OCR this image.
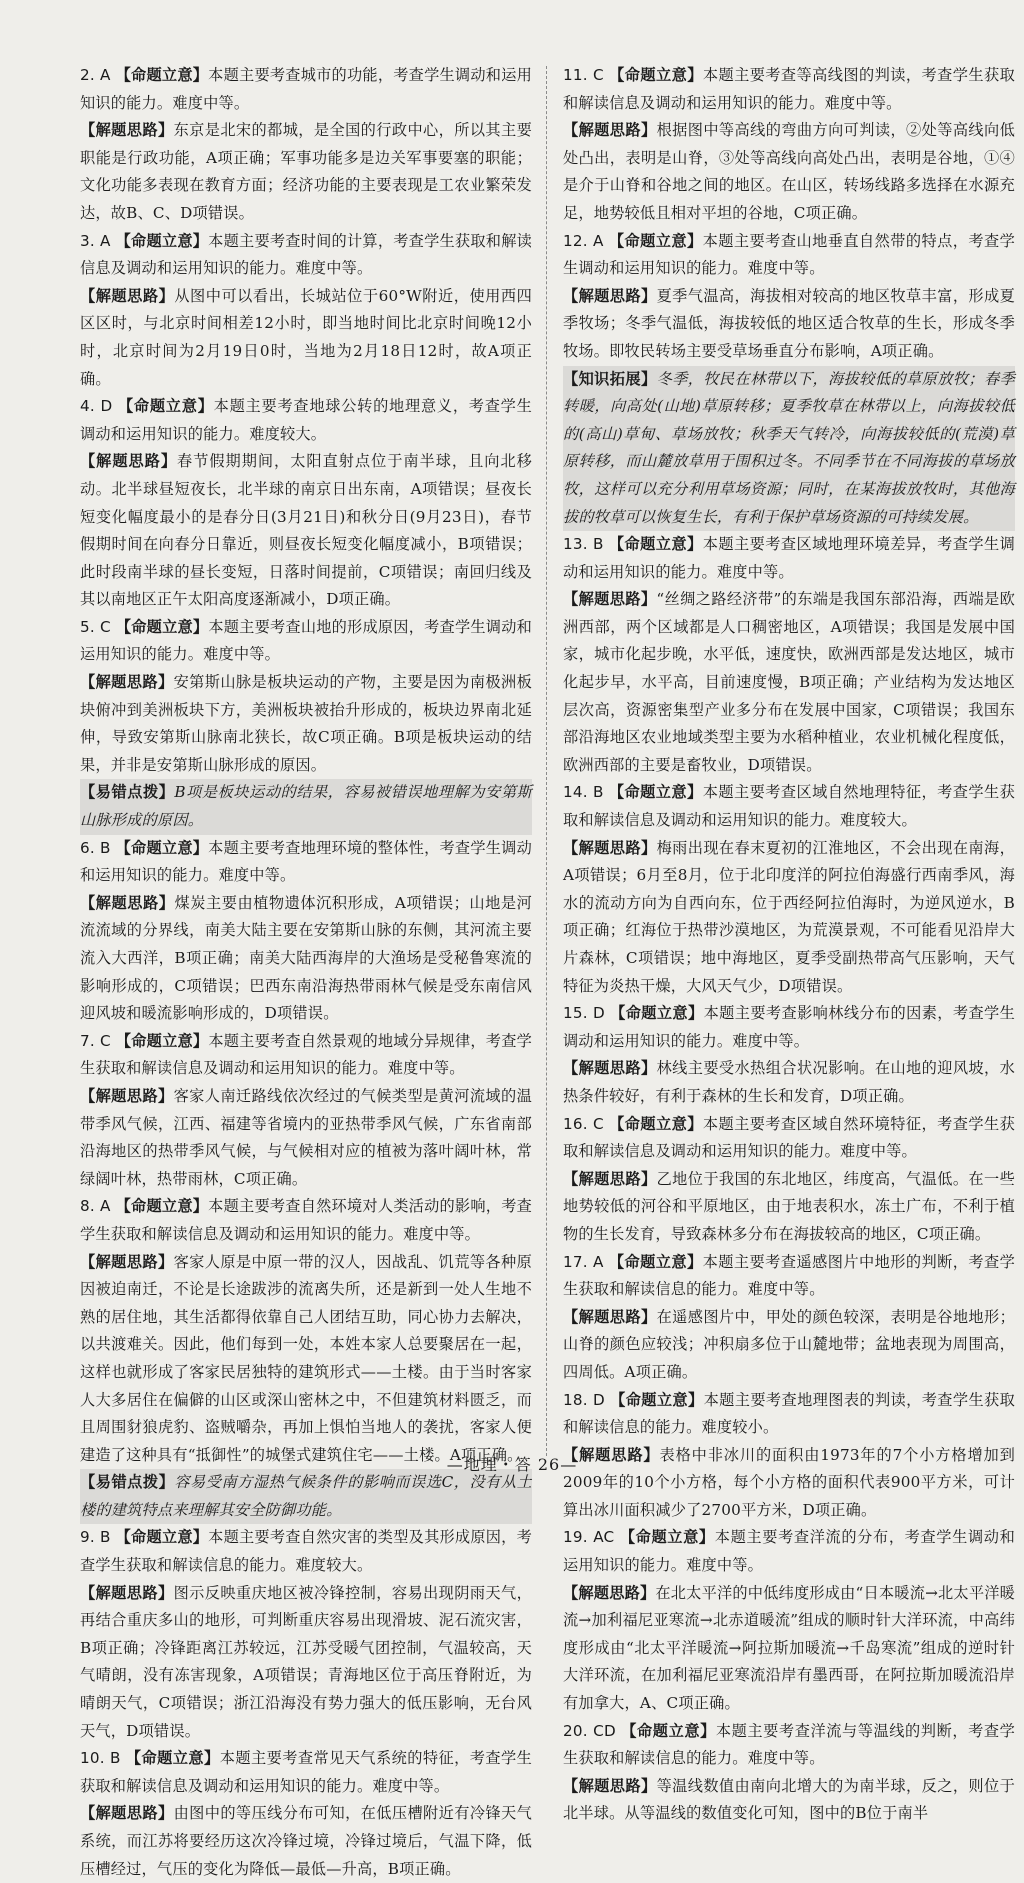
2. A 【命题立意】本题主要考查城市的功能，考查学生调动和运用知识的能力。难度中等。

【解题思路】东京是北宋的都城，是全国的行政中心，所以其主要职能是行政功能，A项正确；军事功能多是边关军事要塞的职能；文化功能多表现在教育方面；经济功能的主要表现是工农业繁荣发达，故B、C、D项错误。

3. A 【命题立意】本题主要考查时间的计算，考查学生获取和解读信息及调动和运用知识的能力。难度中等。

【解题思路】从图中可以看出，长城站位于60°W附近，使用西四区区时，与北京时间相差12小时，即当地时间比北京时间晚12小时，北京时间为2月19日0时，当地为2月18日12时，故A项正确。

4. D 【命题立意】本题主要考查地球公转的地理意义，考查学生调动和运用知识的能力。难度较大。

【解题思路】春节假期期间，太阳直射点位于南半球，且向北移动。北半球昼短夜长，北半球的南京日出东南，A项错误；昼夜长短变化幅度最小的是春分日(3月21日)和秋分日(9月23日)，春节假期时间在向春分日靠近，则昼夜长短变化幅度减小，B项错误；此时段南半球的昼长变短，日落时间提前，C项错误；南回归线及其以南地区正午太阳高度逐渐减小，D项正确。

5. C 【命题立意】本题主要考查山地的形成原因，考查学生调动和运用知识的能力。难度中等。

【解题思路】安第斯山脉是板块运动的产物，主要是因为南极洲板块俯冲到美洲板块下方，美洲板块被抬升形成的，板块边界南北延伸，导致安第斯山脉南北狭长，故C项正确。B项是板块运动的结果，并非是安第斯山脉形成的原因。

【易错点拨】B项是板块运动的结果，容易被错误地理解为安第斯山脉形成的原因。

6. B 【命题立意】本题主要考查地理环境的整体性，考查学生调动和运用知识的能力。难度中等。

【解题思路】煤炭主要由植物遗体沉积形成，A项错误；山地是河流流域的分界线，南美大陆主要在安第斯山脉的东侧，其河流主要流入大西洋，B项正确；南美大陆西海岸的大渔场是受秘鲁寒流的影响形成的，C项错误；巴西东南沿海热带雨林气候是受东南信风迎风坡和暖流影响形成的，D项错误。

7. C 【命题立意】本题主要考查自然景观的地域分异规律，考查学生获取和解读信息及调动和运用知识的能力。难度中等。

【解题思路】客家人南迁路线依次经过的气候类型是黄河流域的温带季风气候，江西、福建等省境内的亚热带季风气候，广东省南部沿海地区的热带季风气候，与气候相对应的植被为落叶阔叶林，常绿阔叶林，热带雨林，C项正确。

8. A 【命题立意】本题主要考查自然环境对人类活动的影响，考查学生获取和解读信息及调动和运用知识的能力。难度中等。

【解题思路】客家人原是中原一带的汉人，因战乱、饥荒等各种原因被迫南迁，不论是长途跋涉的流离失所，还是新到一处人生地不熟的居住地，其生活都得依靠自己人团结互助，同心协力去解决，以共渡难关。因此，他们每到一处，本姓本家人总要聚居在一起，这样也就形成了客家民居独特的建筑形式——土楼。由于当时客家人大多居住在偏僻的山区或深山密林之中，不但建筑材料匮乏，而且周围豺狼虎豹、盗贼嚼杂，再加上惧怕当地人的袭扰，客家人便建造了这种具有“抵御性”的城堡式建筑住宅——土楼。A项正确。

【易错点拨】容易受南方湿热气候条件的影响而误选C，没有从土楼的建筑特点来理解其安全防御功能。

9. B 【命题立意】本题主要考查自然灾害的类型及其形成原因，考查学生获取和解读信息的能力。难度较大。

【解题思路】图示反映重庆地区被冷锋控制，容易出现阴雨天气，再结合重庆多山的地形，可判断重庆容易出现滑坡、泥石流灾害，B项正确；冷锋距离江苏较远，江苏受暖气团控制，气温较高，天气晴朗，没有冻害现象，A项错误；青海地区位于高压脊附近，为晴朗天气，C项错误；浙江沿海没有势力强大的低压影响，无台风天气，D项错误。

10. B 【命题立意】本题主要考查常见天气系统的特征，考查学生获取和解读信息及调动和运用知识的能力。难度中等。

【解题思路】由图中的等压线分布可知，在低压槽附近有冷锋天气系统，而江苏将要经历这次冷锋过境，冷锋过境后，气温下降，低压槽经过，气压的变化为降低—最低—升高，B项正确。

11. C 【命题立意】本题主要考查等高线图的判读，考查学生获取和解读信息及调动和运用知识的能力。难度中等。

【解题思路】根据图中等高线的弯曲方向可判读，②处等高线向低处凸出，表明是山脊，③处等高线向高处凸出，表明是谷地，①④是介于山脊和谷地之间的地区。在山区，转场线路多选择在水源充足，地势较低且相对平坦的谷地，C项正确。

12. A 【命题立意】本题主要考查山地垂直自然带的特点，考查学生调动和运用知识的能力。难度中等。

【解题思路】夏季气温高，海拔相对较高的地区牧草丰富，形成夏季牧场；冬季气温低，海拔较低的地区适合牧草的生长，形成冬季牧场。即牧民转场主要受草场垂直分布影响，A项正确。

【知识拓展】冬季，牧民在林带以下，海拔较低的草原放牧；春季转暖，向高处(山地)草原转移；夏季牧草在林带以上，向海拔较低的(高山)草甸、草场放牧；秋季天气转冷，向海拔较低的(荒漠)草原转移，而山麓放草用于围积过冬。不同季节在不同海拔的草场放牧，这样可以充分利用草场资源；同时，在某海拔放牧时，其他海拔的牧草可以恢复生长，有利于保护草场资源的可持续发展。

13. B 【命题立意】本题主要考查区域地理环境差异，考查学生调动和运用知识的能力。难度中等。

【解题思路】“丝绸之路经济带”的东端是我国东部沿海，西端是欧洲西部，两个区域都是人口稠密地区，A项错误；我国是发展中国家，城市化起步晚，水平低，速度快，欧洲西部是发达地区，城市化起步早，水平高，目前速度慢，B项正确；产业结构为发达地区层次高，资源密集型产业多分布在发展中国家，C项错误；我国东部沿海地区农业地域类型主要为水稻种植业，农业机械化程度低，欧洲西部的主要是畜牧业，D项错误。

14. B 【命题立意】本题主要考查区域自然地理特征，考查学生获取和解读信息及调动和运用知识的能力。难度较大。

【解题思路】梅雨出现在春末夏初的江淮地区，不会出现在南海，A项错误；6月至8月，位于北印度洋的阿拉伯海盛行西南季风，海水的流动方向为自西向东，位于西经阿拉伯海时，为逆风逆水，B项正确；红海位于热带沙漠地区，为荒漠景观，不可能看见沿岸大片森林，C项错误；地中海地区，夏季受副热带高气压影响，天气特征为炎热干燥，大风天气少，D项错误。

15. D 【命题立意】本题主要考查影响林线分布的因素，考查学生调动和运用知识的能力。难度中等。

【解题思路】林线主要受水热组合状况影响。在山地的迎风坡，水热条件较好，有利于森林的生长和发育，D项正确。

16. C 【命题立意】本题主要考查区域自然环境特征，考查学生获取和解读信息及调动和运用知识的能力。难度中等。

【解题思路】乙地位于我国的东北地区，纬度高，气温低。在一些地势较低的河谷和平原地区，由于地表积水，冻土广布，不利于植物的生长发育，导致森林多分布在海拔较高的地区，C项正确。

17. A 【命题立意】本题主要考查遥感图片中地形的判断，考查学生获取和解读信息的能力。难度中等。

【解题思路】在遥感图片中，甲处的颜色较深，表明是谷地地形；山脊的颜色应较浅；冲积扇多位于山麓地带；盆地表现为周围高，四周低。A项正确。

18. D 【命题立意】本题主要考查地理图表的判读，考查学生获取和解读信息的能力。难度较小。

【解题思路】表格中非冰川的面积由1973年的7个小方格增加到2009年的10个小方格，每个小方格的面积代表900平方米，可计算出冰川面积减少了2700平方米，D项正确。

19. AC 【命题立意】本题主要考查洋流的分布，考查学生调动和运用知识的能力。难度中等。

【解题思路】在北太平洋的中低纬度形成由“日本暖流→北太平洋暖流→加利福尼亚寒流→北赤道暖流”组成的顺时针大洋环流，中高纬度形成由“北太平洋暖流→阿拉斯加暖流→千岛寒流”组成的逆时针大洋环流，在加利福尼亚寒流沿岸有墨西哥，在阿拉斯加暖流沿岸有加拿大，A、C项正确。

20. CD 【命题立意】本题主要考查洋流与等温线的判断，考查学生获取和解读信息的能力。难度中等。

【解题思路】等温线数值由南向北增大的为南半球，反之，则位于北半球。从等温线的数值变化可知，图中的B位于南半

—地理・答 26—
